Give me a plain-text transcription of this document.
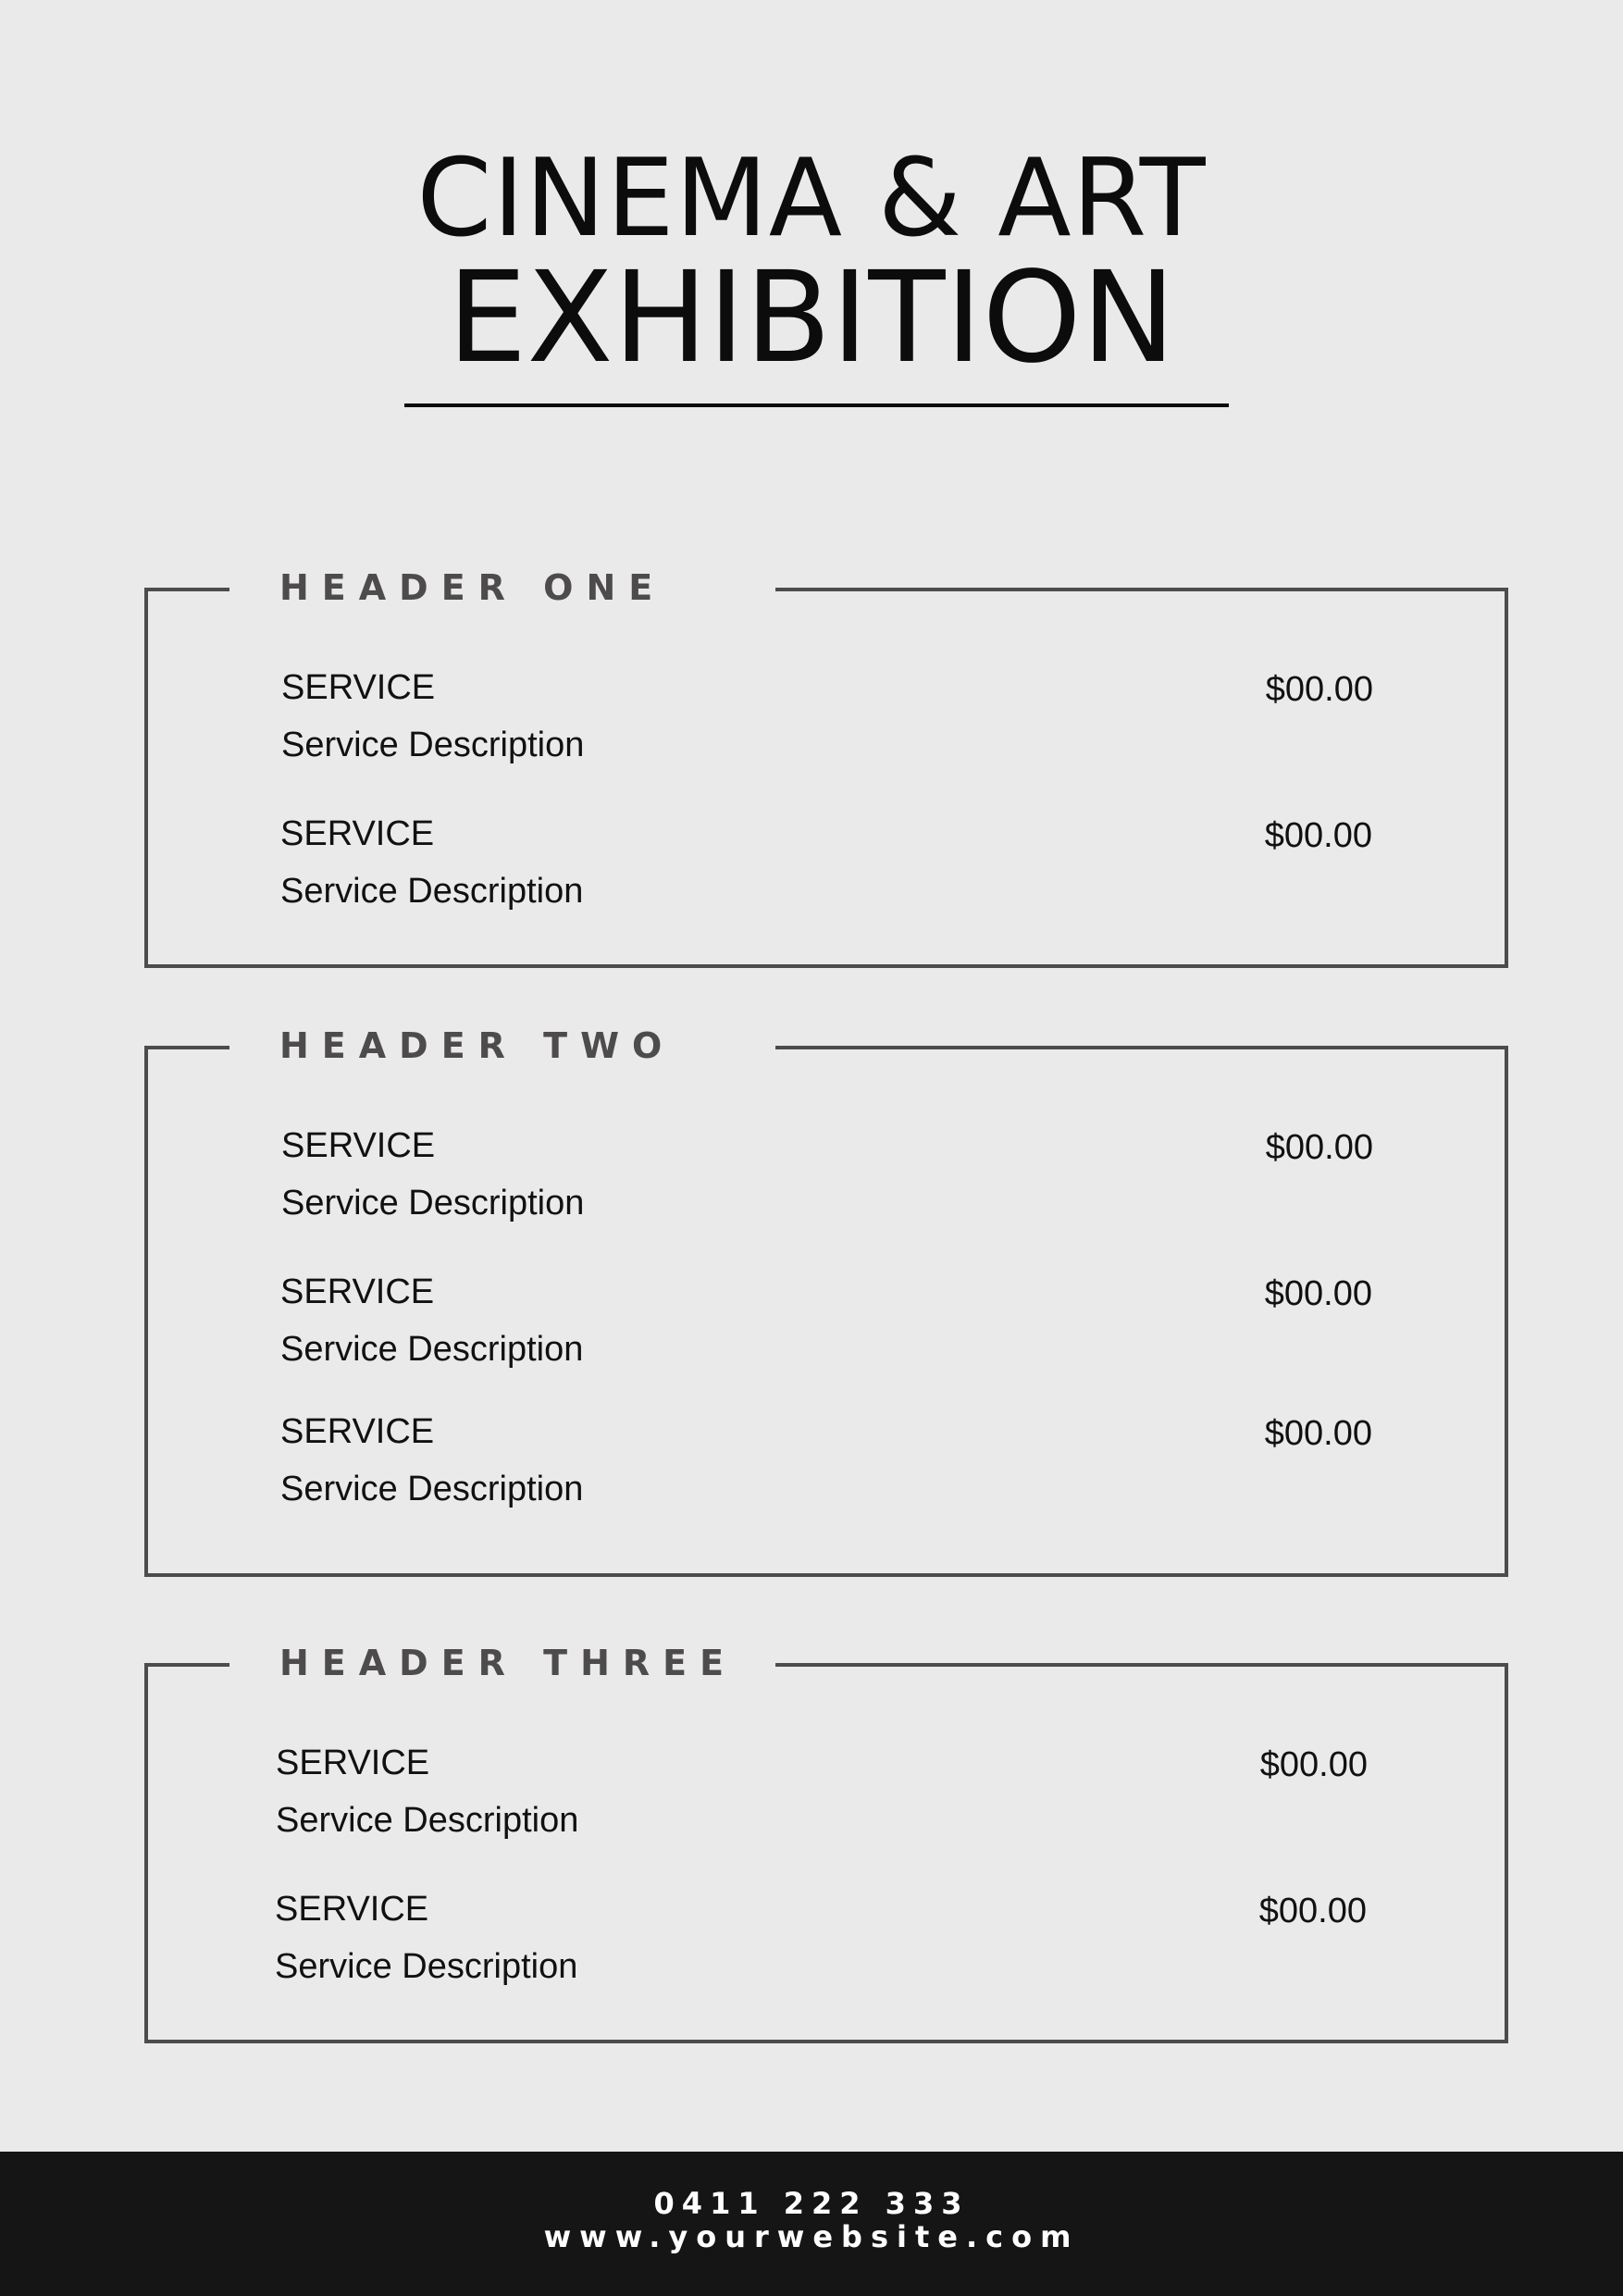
CINEMA & ART
EXHIBITION
HEADER ONE
SERVICE
Service Description
$00.00
SERVICE
Service Description
$00.00
HEADER TWO
SERVICE
Service Description
$00.00
SERVICE
Service Description
$00.00
SERVICE
Service Description
$00.00
HEADER THREE
SERVICE
Service Description
$00.00
SERVICE
Service Description
$00.00
0411 222 333
www.yourwebsite.com
